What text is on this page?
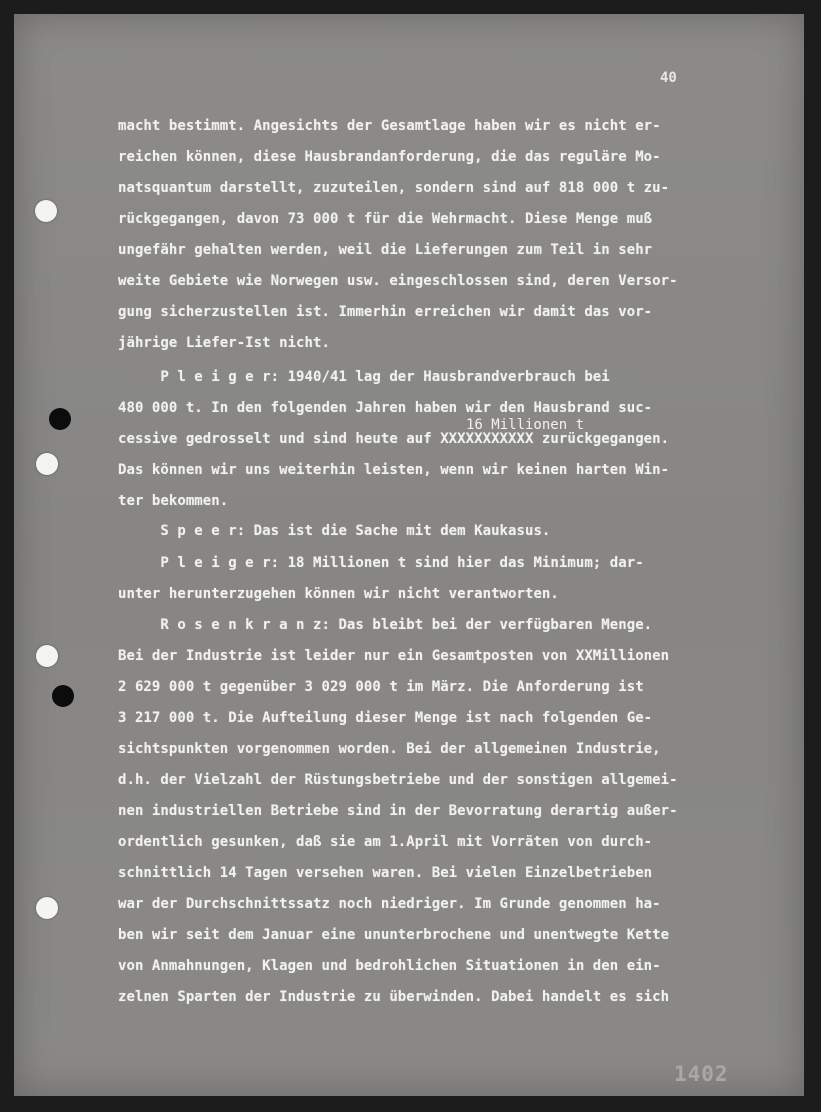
40
16 Millionen t
macht bestimmt. Angesichts der Gesamtlage haben wir es nicht er-
reichen können, diese Hausbrandanforderung, die das reguläre Mo-
natsquantum darstellt, zuzuteilen, sondern sind auf 818 000 t zu-
rückgegangen, davon 73 000 t für die Wehrmacht. Diese Menge muß
ungefähr gehalten werden, weil die Lieferungen zum Teil in sehr
weite Gebiete wie Norwegen usw. eingeschlossen sind, deren Versor-
gung sicherzustellen ist. Immerhin erreichen wir damit das vor-
jährige Liefer-Ist nicht.
P l e i g e r: 1940/41 lag der Hausbrandverbrauch bei
480 000 t. In den folgenden Jahren haben wir den Hausbrand suc-
cessive gedrosselt und sind heute auf XXXXXXXXXXX zurückgegangen.
Das können wir uns weiterhin leisten, wenn wir keinen harten Win-
ter bekommen.
S p e e r: Das ist die Sache mit dem Kaukasus.
P l e i g e r: 18 Millionen t sind hier das Minimum; dar-
unter herunterzugehen können wir nicht verantworten.
R o s e n k r a n z: Das bleibt bei der verfügbaren Menge.
Bei der Industrie ist leider nur ein Gesamtposten von XXMillionen
2 629 000 t gegenüber 3 029 000 t im März. Die Anforderung ist
3 217 000 t. Die Aufteilung dieser Menge ist nach folgenden Ge-
sichtspunkten vorgenommen worden. Bei der allgemeinen Industrie,
d.h. der Vielzahl der Rüstungsbetriebe und der sonstigen allgemei-
nen industriellen Betriebe sind in der Bevorratung derartig außer-
ordentlich gesunken, daß sie am 1.April mit Vorräten von durch-
schnittlich 14 Tagen versehen waren. Bei vielen Einzelbetrieben
war der Durchschnittssatz noch niedriger. Im Grunde genommen ha-
ben wir seit dem Januar eine ununterbrochene und unentwegte Kette
von Anmahnungen, Klagen und bedrohlichen Situationen in den ein-
zelnen Sparten der Industrie zu überwinden. Dabei handelt es sich
1402
